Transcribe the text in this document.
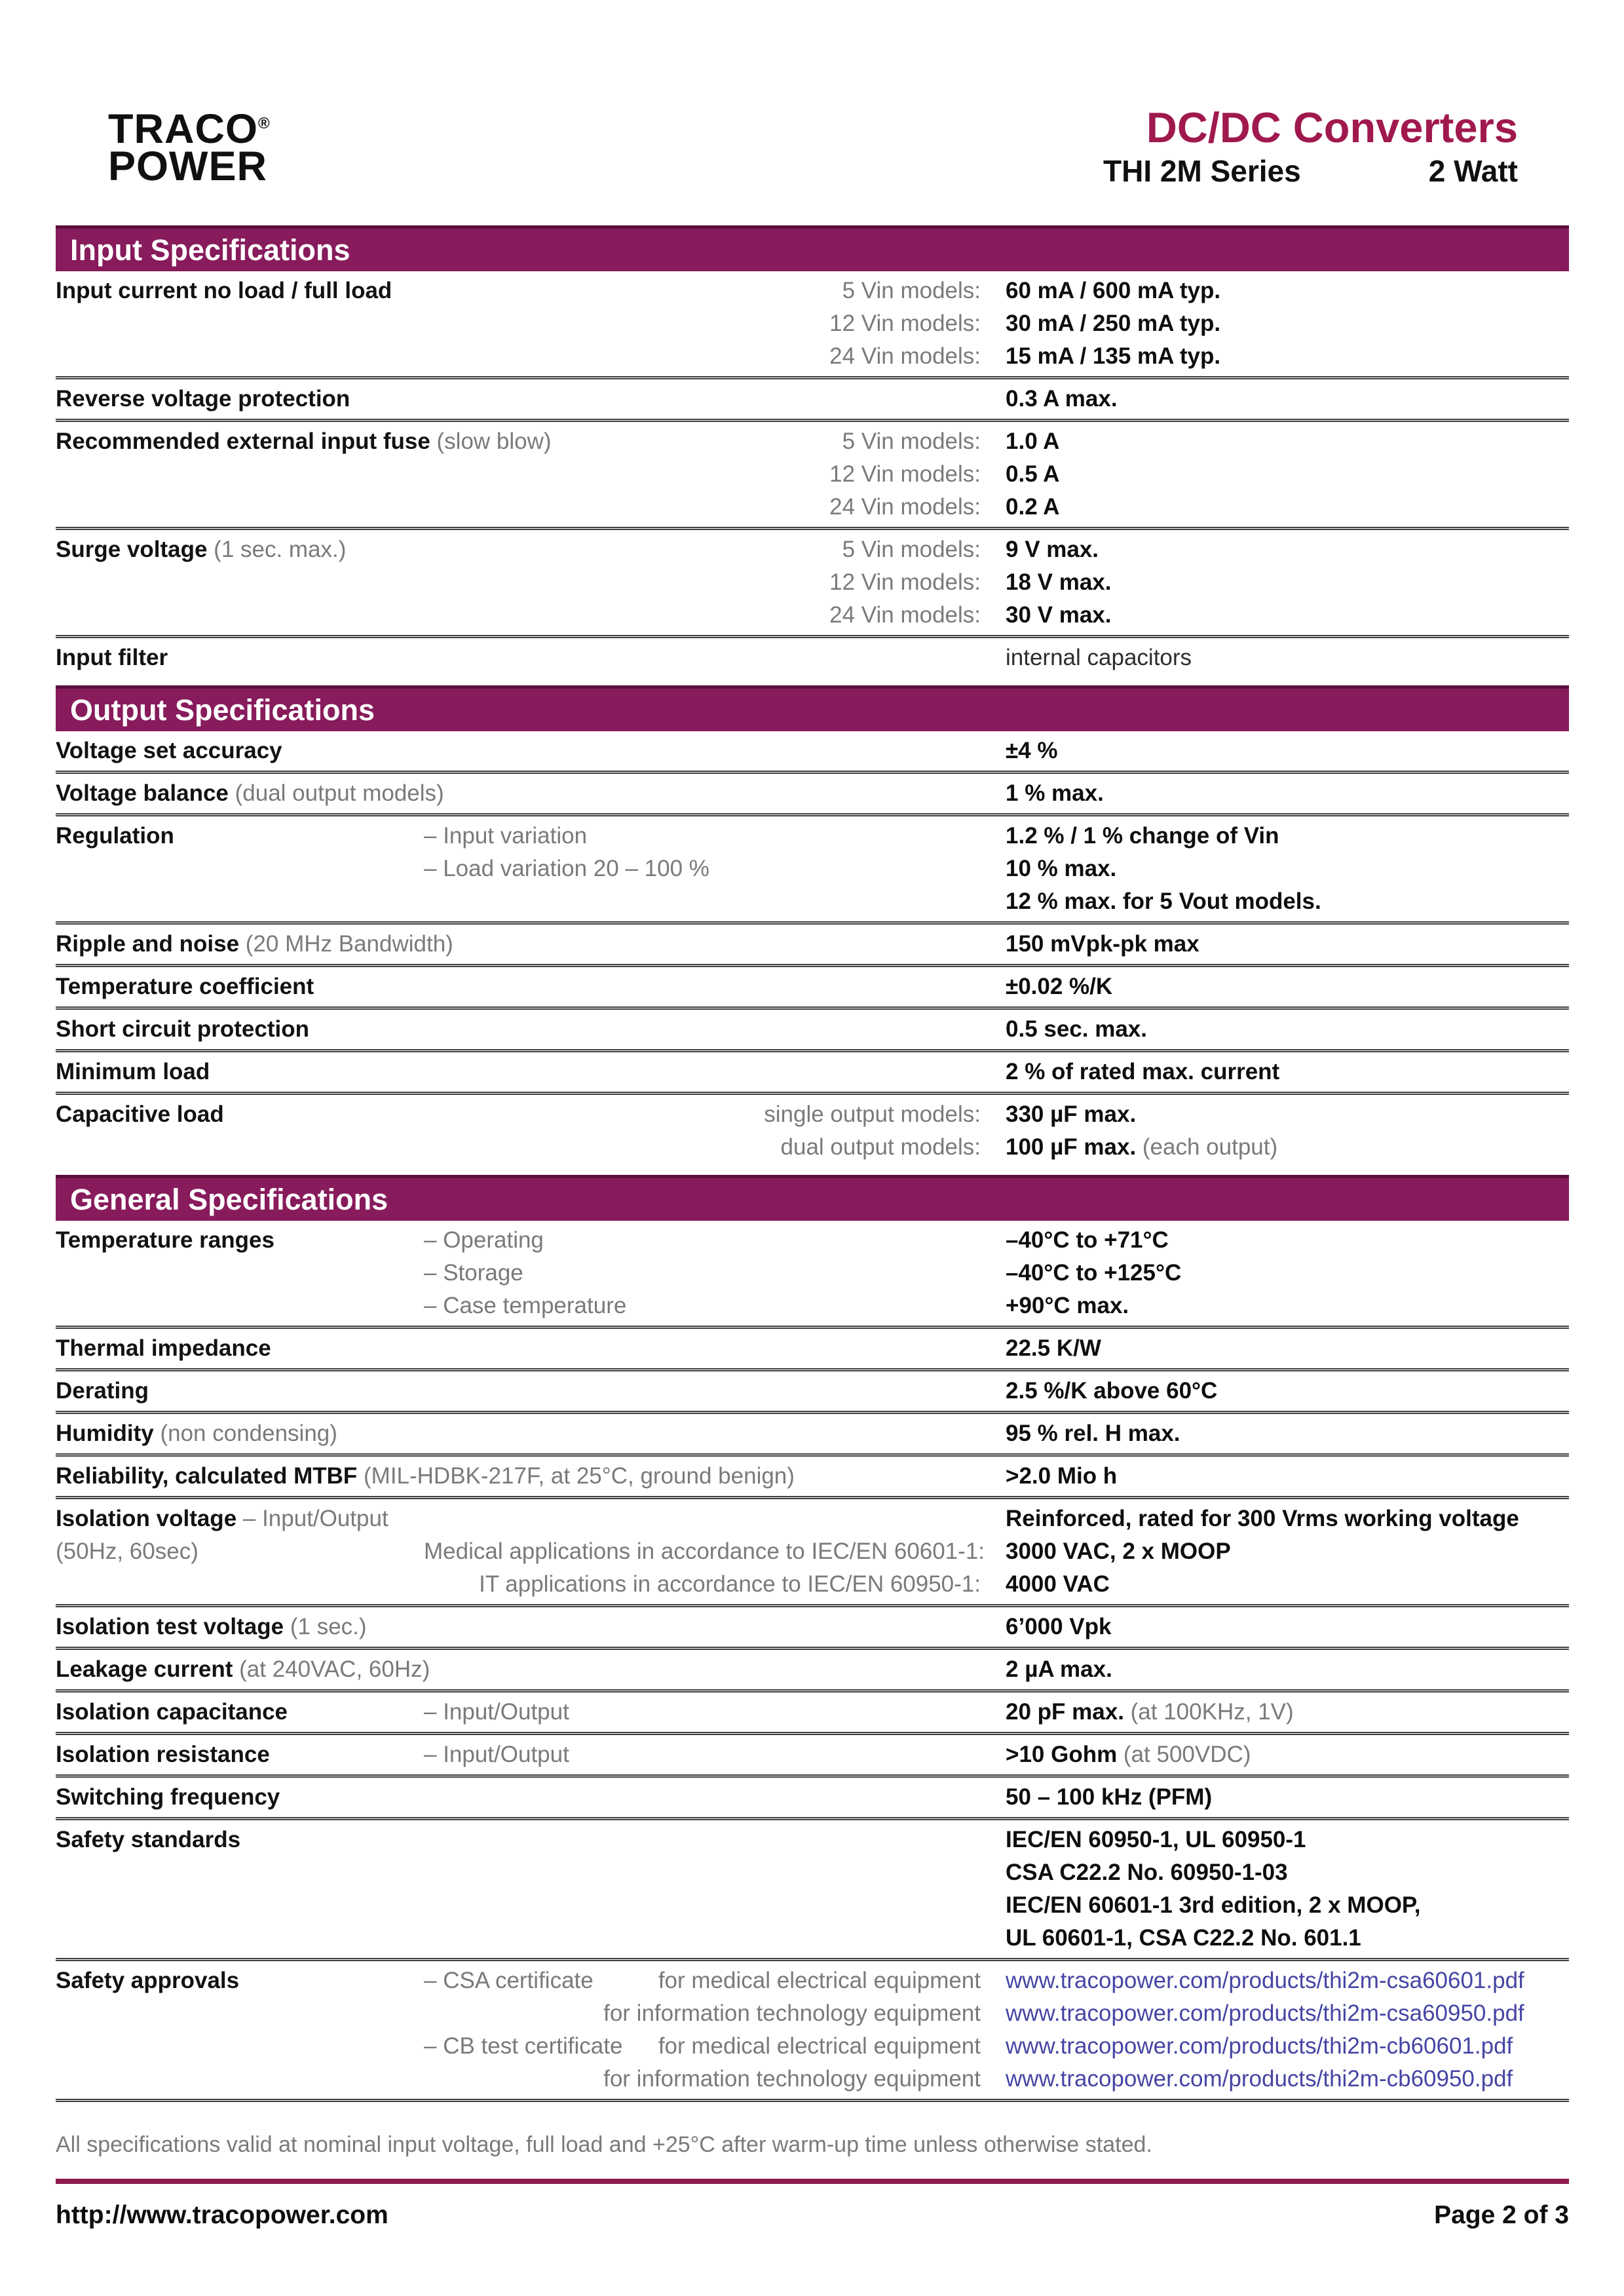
TRACO®
POWER
DC/DC Converters
THI 2M Series	2 Watt
Input Specifications
Input current no load / full load	5 Vin models: 60 mA / 600 mA typ.
12 Vin models: 30 mA / 250 mA typ.
24 Vin models: 15 mA / 135 mA typ.
Reverse voltage protection	0.3 A max.
Recommended external input fuse (slow blow)	5 Vin models: 1.0 A
12 Vin models: 0.5 A
24 Vin models: 0.2 A
Surge voltage (1 sec. max.)	5 Vin models: 9 V max.
12 Vin models: 18 V max.
24 Vin models: 30 V max.
Input filter	internal capacitors
Output Specifications
Voltage set accuracy	±4 %
Voltage balance (dual output models)	1 % max.
Regulation	– Input variation	1.2 % / 1 % change of Vin
– Load variation 20 – 100 %	10 % max.
12 % max. for 5 Vout models.
Ripple and noise (20 MHz Bandwidth)	150 mVpk-pk max
Temperature coefficient	±0.02 %/K
Short circuit protection	0.5 sec. max.
Minimum load	2 % of rated max. current
Capacitive load	single output models: 330 µF max.
dual output models: 100 µF max. (each output)
General Specifications
Temperature ranges	– Operating	–40°C to +71°C
– Storage	–40°C to +125°C
– Case temperature	+90°C max.
Thermal impedance	22.5 K/W
Derating	2.5 %/K above 60°C
Humidity (non condensing)	95 % rel. H max.
Reliability, calculated MTBF (MIL-HDBK-217F, at 25°C, ground benign)	>2.0 Mio h
Isolation voltage – Input/Output	Reinforced, rated for 300 Vrms working voltage
(50Hz, 60sec)	Medical applications in accordance to IEC/EN 60601-1: 3000 VAC, 2 x MOOP
IT applications in accordance to IEC/EN 60950-1: 4000 VAC
Isolation test voltage (1 sec.)	6’000 Vpk
Leakage current (at 240VAC, 60Hz)	2 µA max.
Isolation capacitance	– Input/Output	20 pF max. (at 100KHz, 1V)
Isolation resistance	– Input/Output	>10 Gohm (at 500VDC)
Switching frequency	50 – 100 kHz (PFM)
Safety standards	IEC/EN 60950-1, UL 60950-1
CSA C22.2 No. 60950-1-03
IEC/EN 60601-1 3rd edition, 2 x MOOP,
UL 60601-1, CSA C22.2 No. 601.1
Safety approvals	– CSA certificate	for medical electrical equipment www.tracopower.com/products/thi2m-csa60601.pdf
for information technology equipment www.tracopower.com/products/thi2m-csa60950.pdf
– CB test certificate for medical electrical equipment www.tracopower.com/products/thi2m-cb60601.pdf
for information technology equipment www.tracopower.com/products/thi2m-cb60950.pdf
All specifications valid at nominal input voltage, full load and +25°C after warm-up time unless otherwise stated.
http://www.tracopower.com	Page 2 of 3
